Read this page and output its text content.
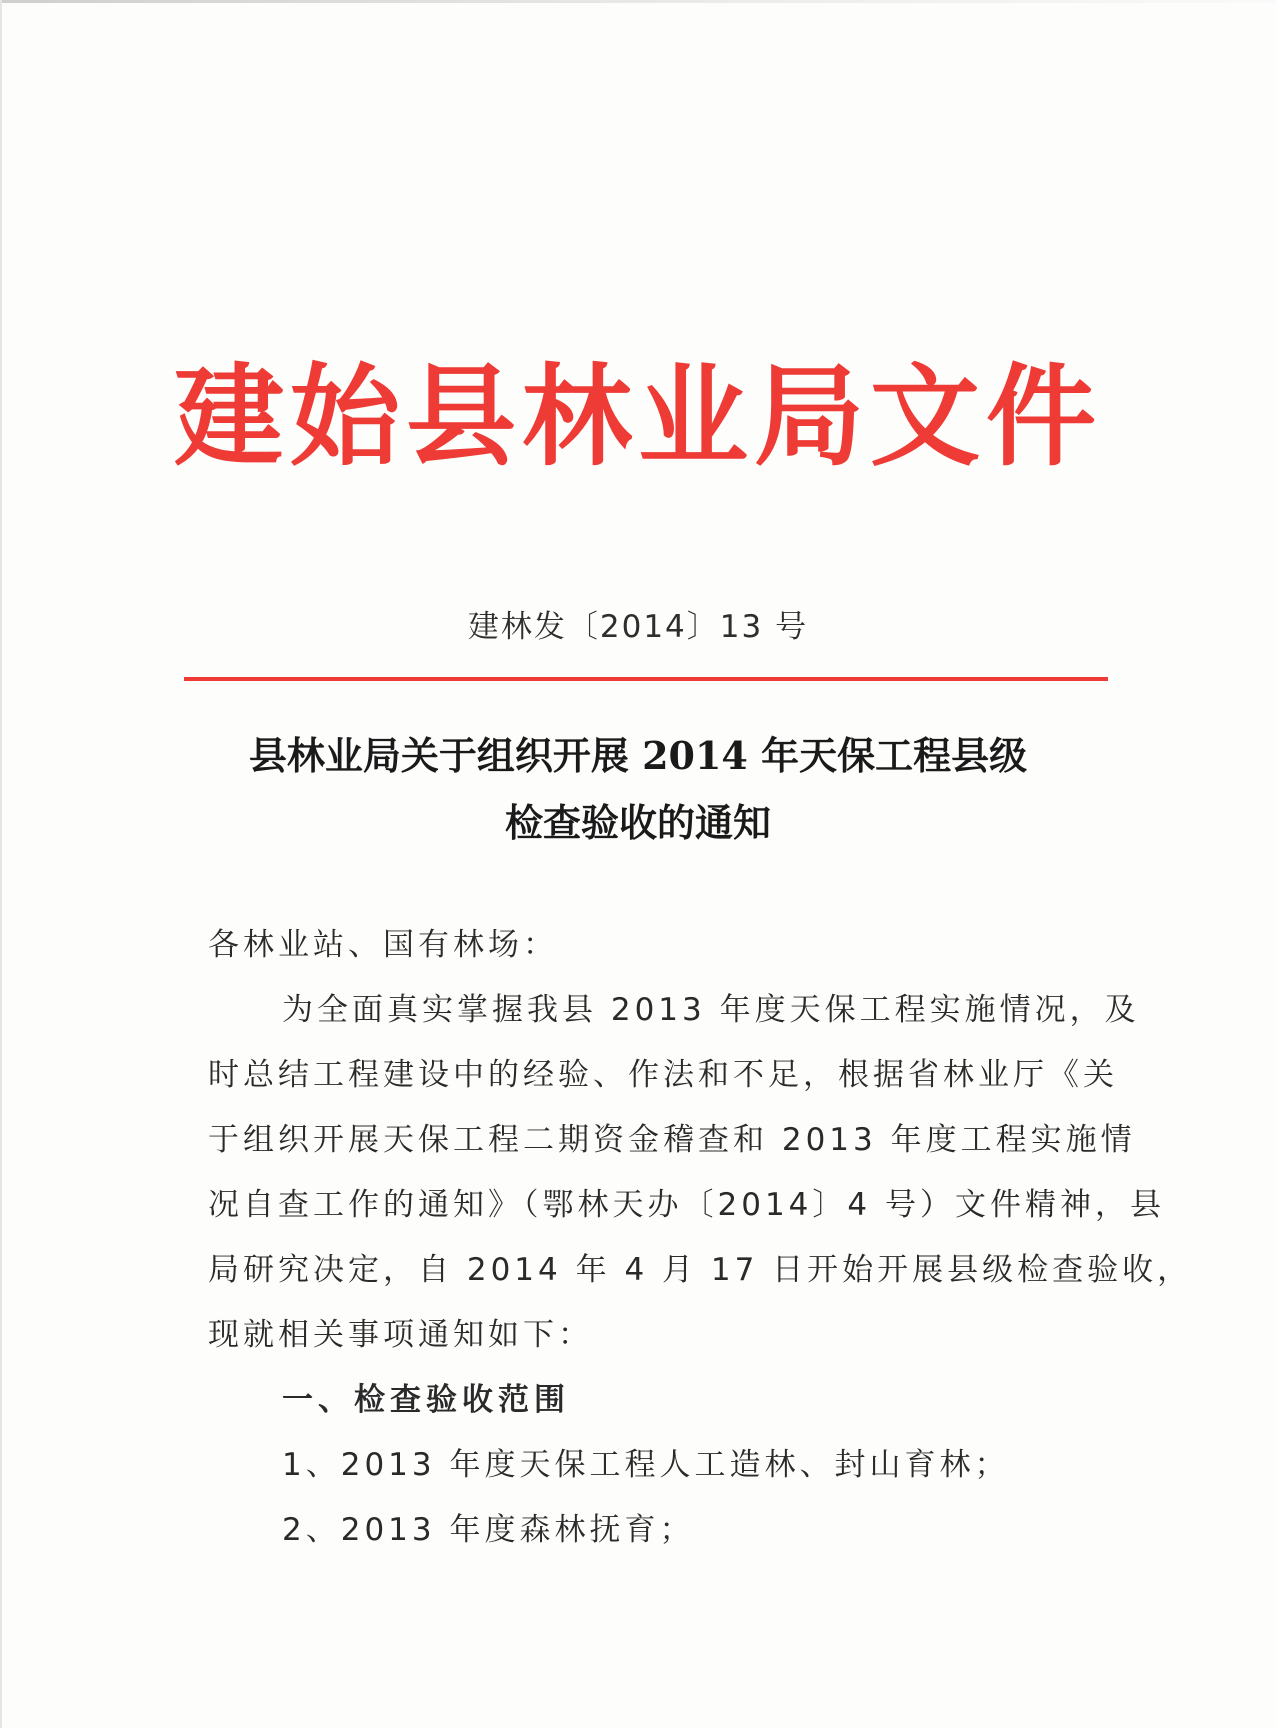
建始县林业局文件
建林发〔2014〕13 号
县林业局关于组织开展 2014 年天保工程县级
检查验收的通知
各林业站、国有林场：
为全面真实掌握我县 2013 年度天保工程实施情况，及
时总结工程建设中的经验、作法和不足，根据省林业厅《关
于组织开展天保工程二期资金稽查和 2013 年度工程实施情
况自查工作的通知》（鄂林天办〔2014〕4 号）文件精神，县
局研究决定，自 2014 年 4 月 17 日开始开展县级检查验收，
现就相关事项通知如下：
一、检查验收范围
1、2013 年度天保工程人工造林、封山育林；
2、2013 年度森林抚育；
